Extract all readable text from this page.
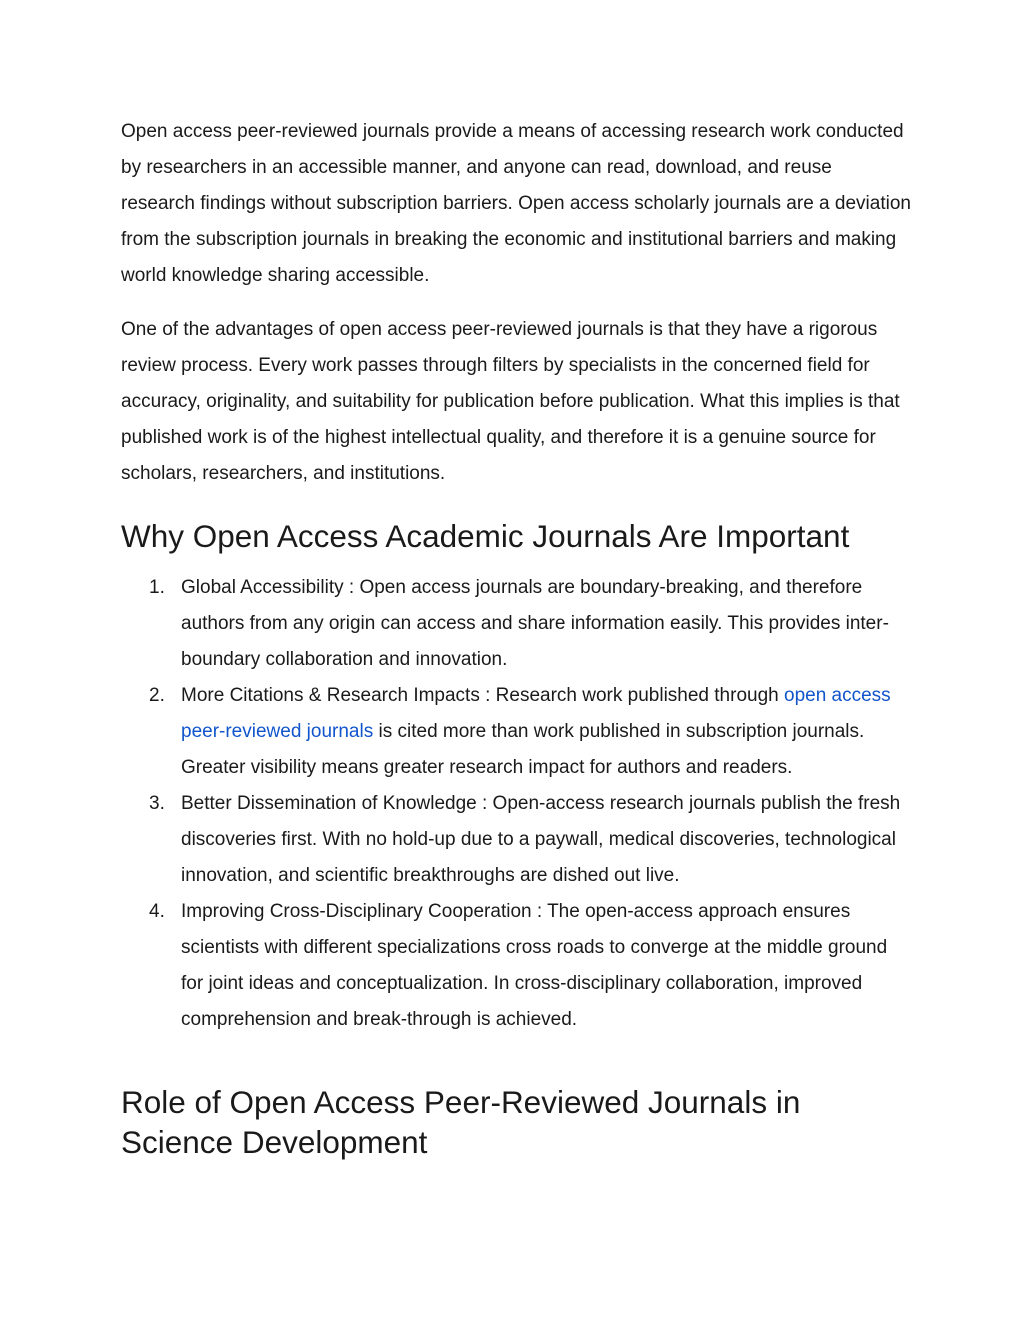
Open access peer-reviewed journals provide a means of accessing research work conducted by researchers in an accessible manner, and anyone can read, download, and reuse research findings without subscription barriers. Open access scholarly journals are a deviation from the subscription journals in breaking the economic and institutional barriers and making world knowledge sharing accessible.

One of the advantages of open access peer-reviewed journals is that they have a rigorous review process. Every work passes through filters by specialists in the concerned field for accuracy, originality, and suitability for publication before publication. What this implies is that published work is of the highest intellectual quality, and therefore it is a genuine source for scholars, researchers, and institutions.

Why Open Access Academic Journals Are Important
1. Global Accessibility : Open access journals are boundary-breaking, and therefore authors from any origin can access and share information easily. This provides inter-boundary collaboration and innovation.
2. More Citations & Research Impacts : Research work published through open access peer-reviewed journals is cited more than work published in subscription journals. Greater visibility means greater research impact for authors and readers.
3. Better Dissemination of Knowledge : Open-access research journals publish the fresh discoveries first. With no hold-up due to a paywall, medical discoveries, technological innovation, and scientific breakthroughs are dished out live.
4. Improving Cross-Disciplinary Cooperation : The open-access approach ensures scientists with different specializations cross roads to converge at the middle ground for joint ideas and conceptualization. In cross-disciplinary collaboration, improved comprehension and break-through is achieved.
Role of Open Access Peer-Reviewed Journals in Science Development
